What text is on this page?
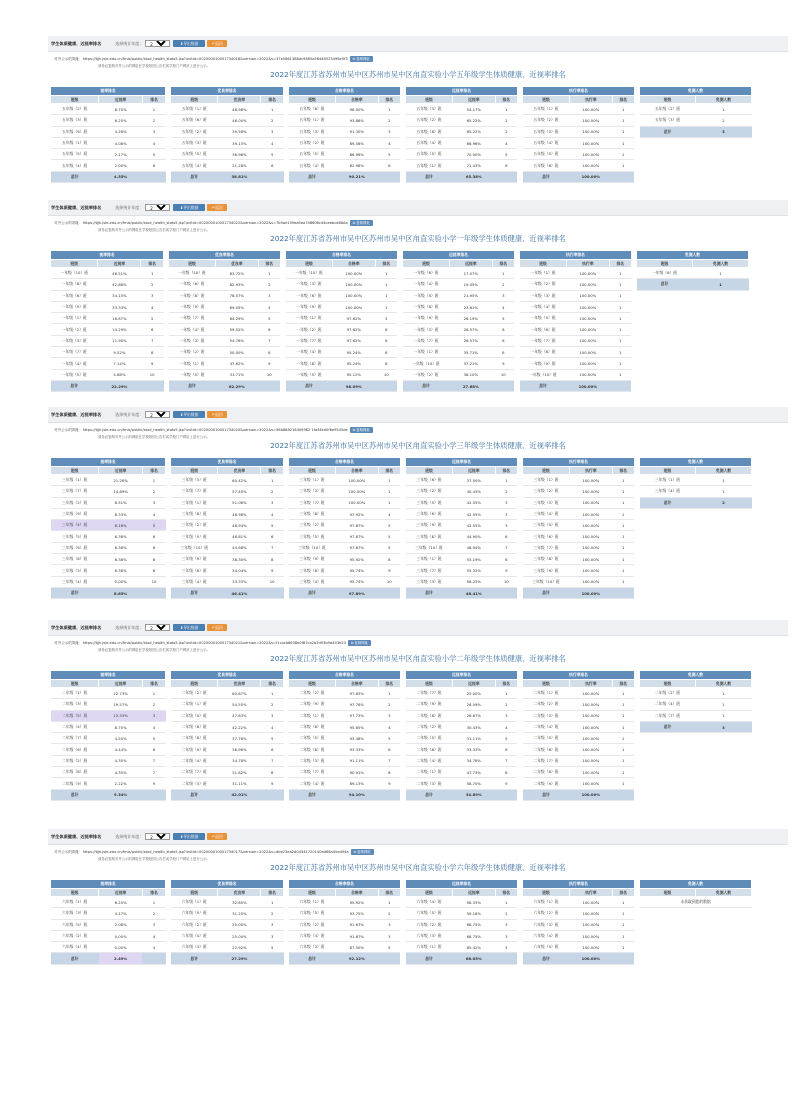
学生体质健康、近视率排名	选择统计年度：
2022年度	⬇ 导出数据	↶ 返回
对外公示的网址：https://tjjk.jsie.edu.cn/fmis/public/stud_health_stats5.jsp?unitid=002000010001734018&version=2022&s=37e5861388dc9865a56448523496e5f3 ⧉ 复制网址
请务必复制对外公示的网址在学校校园公告栏或学校门户网站上进行公示。
2022年度江苏省苏州市吴中区苏州市吴中区甪直实验小学五年级学生体质健康、近视率排名
视率排名		
班级	近视率	排名
五年级（2）班	8.70%	1
五年级（3）班	6.25%	2
五年级（6）班	4.26%	3
五年级（1）班	4.08%	4
五年级（5）班	2.17%	5
五年级（4）班	2.00%	6
总计	4.55%	
优良率排名		
班级	优良率	排名
五年级（1）班	48.98%	1
五年级（6）班	46.00%	2
五年级（2）班	39.58%	3
五年级（3）班	39.13%	4
五年级（5）班	36.96%	5
五年级（4）班	21.28%	6
总计	38.81%	
合格率排名		
班级	合格率	排名
五年级（6）班	96.00%	1
五年级（1）班	93.88%	2
五年级（3）班	91.30%	3
五年级（2）班	89.58%	4
五年级（5）班	86.96%	5
五年级（4）班	82.98%	6
总计	90.21%	
远视率排名		
班级	远视率	排名
五年级（3）班	54.17%	1
五年级（2）班	65.22%	2
五年级（6）班	65.22%	2
五年级（4）班	66.96%	4
五年级（5）班	70.00%	5
五年级（1）班	71.43%	6
总计	65.38%	
执行率排名		
班级	执行率	排名
五年级（1）班	100.00%	1
五年级（2）班	100.00%	1
五年级（3）班	100.00%	1
五年级（4）班	100.00%	1
五年级（5）班	100.00%	1
五年级（6）班	100.00%	1
总计	100.00%	
免测人数	
班级	免测人数
五年级（2）班	1
五年级（3）班	2
总计	3
学生体质健康、近视率排名	选择统计年度：
2022年度	⬇ 导出数据	↶ 返回
对外公示的网址：https://tjjk.jsie.edu.cn/fmis/public/stud_health_stats5.jsp?unitid=002000010001734022&version=2022&s=7b9ae159ea5ea748606c44ceebcd88Aa ⧉ 复制网址
请务必复制对外公示的网址在学校校园公告栏或学校门户网站上进行公示。
2022年度江苏省苏州市吴中区苏州市吴中区甪直实验小学一年级学生体质健康、近视率排名
视率排名		
班级	近视率	排名
一年级（10）班	46.51%	1
一年级（8）班	42.86%	2
一年级（6）班	34.15%	3
一年级（9）班	33.33%	4
一年级（1）班	16.67%	5
一年级（2）班	14.29%	6
一年级（3）班	11.90%	7
一年级（7）班	9.52%	8
一年级（4）班	7.14%	9
一年级（5）班	4.88%	10
总计	22.29%	
优良率排名		
班级	优良率	排名
一年级（10）班	83.72%	1
一年级（6）班	82.93%	2
一年级（8）班	78.57%	3
一年级（9）班	69.05%	4
一年级（7）班	64.29%	5
一年级（4）班	59.52%	6
一年级（3）班	54.76%	7
一年级（2）班	50.00%	8
一年级（1）班	47.62%	9
一年级（5）班	31.71%	10
总计	62.29%	
合格率排名		
班级	合格率	排名
一年级（10）班	100.00%	1
一年级（3）班	100.00%	1
一年级（6）班	100.00%	1
一年级（9）班	100.00%	1
一年级（1）班	97.62%	5
一年级（2）班	97.62%	6
一年级（7）班	97.62%	6
一年级（4）班	95.24%	8
一年级（8）班	95.24%	8
一年级（5）班	95.12%	10
总计	98.09%	
远视率排名		
班级	远视率	排名
一年级（6）班	17.07%	1
一年级（4）班	19.05%	2
一年级（5）班	21.95%	3
一年级（8）班	23.81%	4
一年级（9）班	26.19%	5
一年级（3）班	28.57%	6
一年级（7）班	28.57%	6
一年级（1）班	35.71%	8
一年级（10）班	37.21%	9
一年级（2）班	38.10%	10
总计	27.68%	
执行率排名		
班级	执行率	排名
一年级（1）班	100.00%	1
一年级（2）班	100.00%	1
一年级（3）班	100.00%	1
一年级（4）班	100.00%	1
一年级（5）班	100.00%	1
一年级（6）班	100.00%	1
一年级（7）班	100.00%	1
一年级（8）班	100.00%	1
一年级（9）班	100.00%	1
一年级（10）班	100.00%	1
总计	100.00%	
免测人数	
班级	免测人数
一年级（6）班	1
总计	1
学生体质健康、近视率排名	选择统计年度：
2022年度	⬇ 导出数据	↶ 返回
对外公示的网址：https://tjjk.jsie.edu.cn/fmis/public/stud_health_stats5.jsp?unitid=002000010001734020&version=2022&s=56b888216409962 1fa46cd0f6e9545de ⧉ 复制网址
请务必复制对外公示的网址在学校校园公告栏或学校门户网站上进行公示。
2022年度江苏省苏州市吴中区苏州市吴中区甪直实验小学三年级学生体质健康、近视率排名
视率排名		
班级	近视率	排名
三年级（1）班	21.28%	1
三年级（7）班	14.89%	2
三年级（2）班	8.51%	3
三年级（9）班	8.33%	4
三年级（4）班	8.16%	5
三年级（5）班	6.38%	6
三年级（6）班	6.38%	6
三年级（8）班	6.38%	6
三年级（3）班	6.38%	6
三年级（4）班	0.00%	10
总计	8.65%	
优良率排名		
班级	优良率	排名
三年级（3）班	60.42%	1
三年级（7）班	57.45%	2
三年级（1）班	51.06%	3
三年级（8）班	48.98%	4
三年级（2）班	48.94%	5
三年级（5）班	46.81%	6
三年级（10）班	44.68%	7
三年级（9）班	38.30%	8
三年级（6）班	34.04%	9
三年级（4）班	33.33%	10
总计	46.41%	
合格率排名		
班级	合格率	排名
三年级（1）班	100.00%	1
三年级（3）班	100.00%	1
三年级（7）班	100.00%	1
三年级（8）班	97.92%	4
三年级（2）班	97.87%	5
三年级（5）班	97.87%	5
三年级（10）班	97.87%	5
三年级（9）班	95.92%	8
三年级（6）班	95.74%	9
三年级（4）班	95.74%	10
总计	97.89%	
远视率排名		
班级	远视率	排名
三年级（6）班	37.50%	1
三年级（2）班	40.43%	2
三年级（5）班	42.55%	3
三年级（6）班	42.55%	3
三年级（9）班	42.55%	3
三年级（8）班	44.90%	6
三年级（10）班	48.94%	7
三年级（1）班	53.19%	8
三年级（7）班	55.32%	9
三年级（3）班	56.25%	10
总计	46.41%	
执行率排名		
班级	执行率	排名
三年级（1）班	100.00%	1
三年级（2）班	100.00%	1
三年级（3）班	100.00%	1
三年级（4）班	100.00%	1
三年级（5）班	100.00%	1
三年级（6）班	100.00%	1
三年级（7）班	100.00%	1
三年级（8）班	100.00%	1
三年级（9）班	100.00%	1
三年级（10）班	100.00%	1
总计	100.00%	
免测人数	
班级	免测人数
三年级（1）班	1
三年级（4）班	1
总计	2
学生体质健康、近视率排名	选择统计年度：
2022年度	⬇ 导出数据	↶ 返回
对外公示的网址：https://tjjk.jsie.edu.cn/fmis/public/stud_health_stats5.jsp?unitid=002000010001734021&version=2022&s=f1cacb6638e0f87ca2b2d93b9d443b23 ⧉ 复制网址
请务必复制对外公示的网址在学校校园公告栏或学校门户网站上进行公示。
2022年度江苏省苏州市吴中区苏州市吴中区甪直实验小学二年级学生体质健康、近视率排名
视率排名		
班级	近视率	排名
二年级（1）班	22.73%	1
二年级（3）班	19.57%	2
二年级（5）班	13.33%	3
二年级（4）班	8.70%	4
二年级（7）班	4.55%	5
二年级（6）班	4.44%	6
二年级（2）班	4.35%	7
二年级（8）班	4.35%	7
二年级（9）班	2.22%	9
总计	9.34%	
优良率排名		
班级	优良率	排名
二年级（2）班	60.87%	1
二年级（1）班	54.55%	2
二年级（5）班	47.83%	3
二年级（6）班	42.22%	4
二年级（8）班	37.78%	5
二年级（9）班	36.96%	6
二年级（4）班	34.78%	7
二年级（7）班	31.82%	8
二年级（3）班	31.11%	9
总计	42.01%	
合格率排名		
班级	合格率	排名
二年级（2）班	97.83%	1
二年级（9）班	97.78%	2
二年级（1）班	97.73%	3
二年级（6）班	95.65%	4
二年级（5）班	93.48%	5
二年级（8）班	93.33%	6
二年级（3）班	91.11%	7
二年级（7）班	90.91%	8
二年级（4）班	89.13%	9
总计	94.10%	
远视率排名		
班级	远视率	排名
二年级（7）班	25.00%	1
二年级（9）班	26.09%	2
二年级（6）班	26.67%	3
二年级（2）班	30.43%	4
二年级（5）班	31.11%	5
二年级（8）班	33.33%	6
二年级（4）班	34.78%	7
二年级（1）班	47.73%	8
二年级（3）班	58.70%	9
总计	34.89%	
执行率排名		
班级	执行率	排名
二年级（1）班	100.00%	1
二年级（2）班	100.00%	1
二年级（3）班	100.00%	1
二年级（4）班	100.00%	1
二年级（5）班	100.00%	1
二年级（6）班	100.00%	1
二年级（7）班	100.00%	1
二年级（8）班	100.00%	1
二年级（9）班	100.00%	1
总计	100.00%	
免测人数	
班级	免测人数
二年级（2）班	1
二年级（4）班	1
二年级（7）班	1
总计	3
学生体质健康、近视率排名	选择统计年度：
2022年度	⬇ 导出数据	↶ 返回
对外公示的网址：https://tjjk.jsie.edu.cn/fmis/public/stud_health_stats5.jsp?unitid=002000010001734017&version=2022&s=dbe23ea2d04341720140ad66a45ed94a ⧉ 复制网址
请务必复制对外公示的网址在学校校园公告栏或学校门户网站上进行公示。
2022年度江苏省苏州市吴中区苏州市吴中区甪直实验小学六年级学生体质健康、近视率排名
视率排名		
班级	近视率	排名
六年级（1）班	6.25%	1
六年级（3）班	4.17%	2
六年级（5）班	2.08%	3
六年级（2）班	0.00%	4
六年级（4）班	0.00%	4
总计	2.49%	
优良率排名		
班级	优良率	排名
六年级（1）班	32.65%	1
六年级（5）班	31.25%	2
六年级（2）班	25.00%	3
六年级（4）班	25.00%	3
六年级（3）班	22.92%	5
总计	27.29%	
合格率排名		
班级	合格率	排名
六年级（1）班	95.92%	1
六年级（5）班	93.75%	2
六年级（2）班	91.67%	3
六年级（4）班	91.67%	3
六年级（3）班	87.50%	5
总计	92.12%	
远视率排名		
班级	远视率	排名
六年级（4）班	58.33%	1
六年级（5）班	59.18%	2
六年级（2）班	68.75%	3
六年级（3）班	68.75%	3
六年级（1）班	85.42%	5
总计	68.05%	
执行率排名		
班级	执行率	排名
六年级（1）班	100.00%	1
六年级（2）班	100.00%	1
六年级（3）班	100.00%	1
六年级（4）班	100.00%	1
六年级（5）班	100.00%	1
总计	100.00%	
免测人数
班级	免测人数
未获取到您的数据
